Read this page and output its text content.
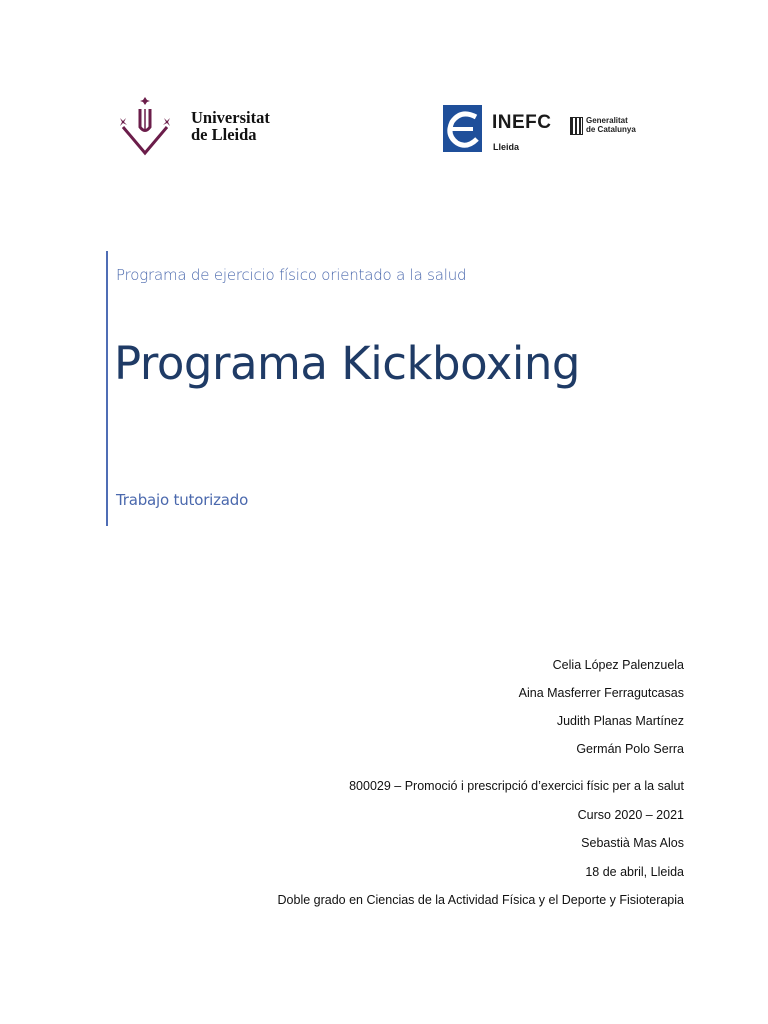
Universitat
de Lleida
INEFC
Lleida
Generalitat
de Catalunya
Programa de ejercicio físico orientado a la salud
Programa Kickboxing
Trabajo tutorizado
Celia López Palenzuela
Aina Masferrer Ferragutcasas
Judith Planas Martínez
Germán Polo Serra
800029 – Promoció i prescripció d’exercici físic per a la salut
Curso 2020 – 2021
Sebastià Mas Alos
18 de abril, Lleida
Doble grado en Ciencias de la Actividad Física y el Deporte y Fisioterapia
